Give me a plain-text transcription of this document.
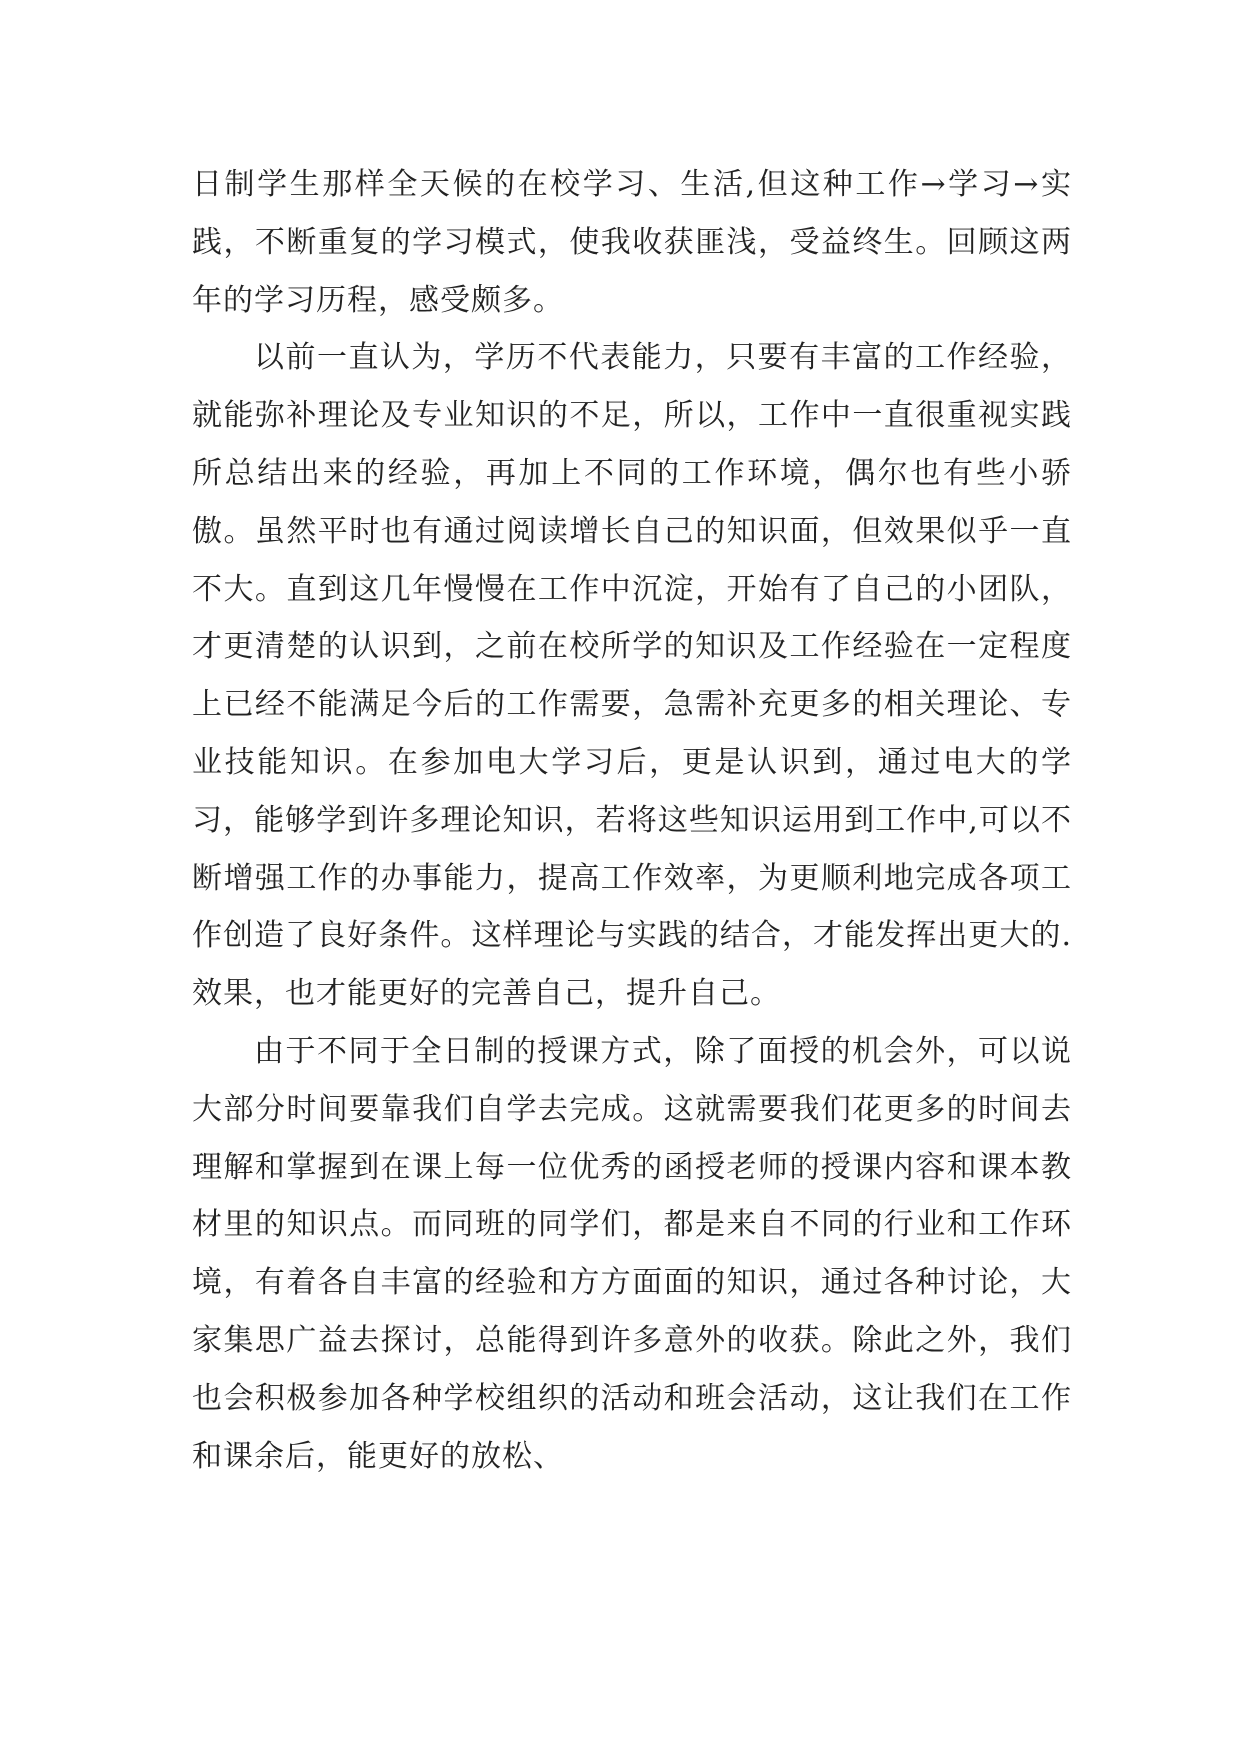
日制学生那样全天候的在校学习、生活,但这种工作→学习→实践，不断重复的学习模式，使我收获匪浅，受益终生。回顾这两年的学习历程，感受颇多。

以前一直认为，学历不代表能力，只要有丰富的工作经验，就能弥补理论及专业知识的不足，所以，工作中一直很重视实践所总结出来的经验，再加上不同的工作环境，偶尔也有些小骄傲。虽然平时也有通过阅读增长自己的知识面，但效果似乎一直不大。直到这几年慢慢在工作中沉淀，开始有了自己的小团队，才更清楚的认识到，之前在校所学的知识及工作经验在一定程度上已经不能满足今后的工作需要，急需补充更多的相关理论、专业技能知识。在参加电大学习后，更是认识到，通过电大的学习，能够学到许多理论知识，若将这些知识运用到工作中,可以不断增强工作的办事能力，提高工作效率，为更顺利地完成各项工作创造了良好条件。这样理论与实践的结合，才能发挥出更大的.效果，也才能更好的完善自己，提升自己。

由于不同于全日制的授课方式，除了面授的机会外，可以说大部分时间要靠我们自学去完成。这就需要我们花更多的时间去理解和掌握到在课上每一位优秀的函授老师的授课内容和课本教材里的知识点。而同班的同学们，都是来自不同的行业和工作环境，有着各自丰富的经验和方方面面的知识，通过各种讨论，大家集思广益去探讨，总能得到许多意外的收获。除此之外，我们也会积极参加各种学校组织的活动和班会活动，这让我们在工作和课余后，能更好的放松、
